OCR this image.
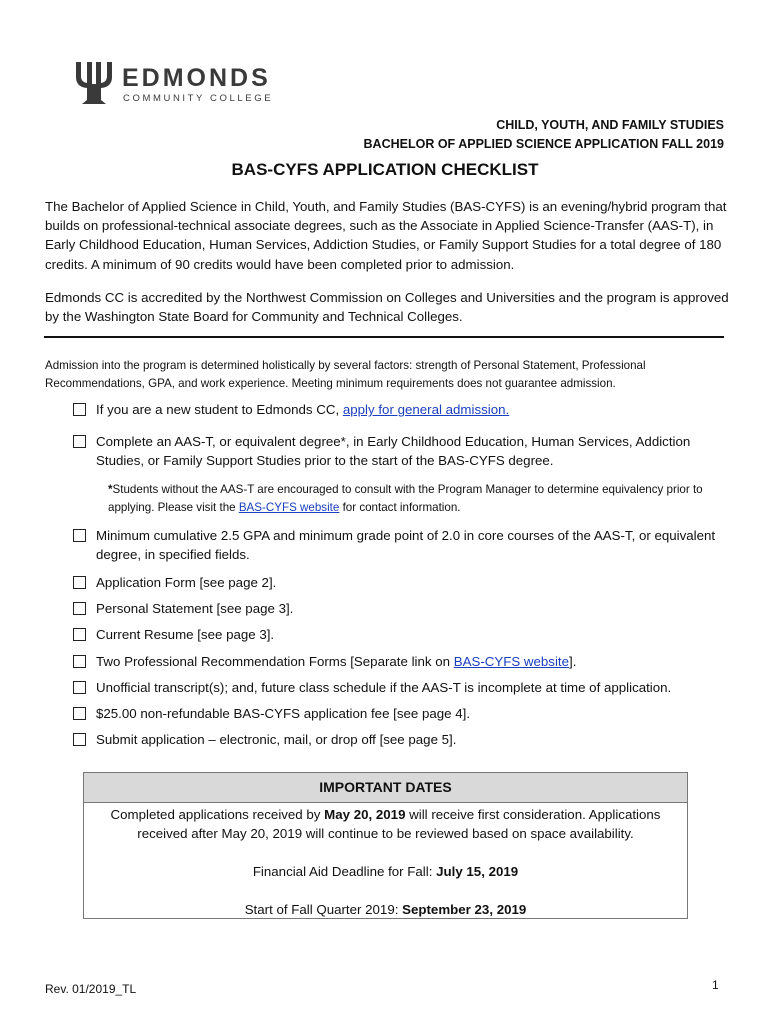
EDMONDS
COMMUNITY COLLEGE
CHILD, YOUTH, AND FAMILY STUDIES
BACHELOR OF APPLIED SCIENCE APPLICATION FALL 2019
BAS-CYFS APPLICATION CHECKLIST
The Bachelor of Applied Science in Child, Youth, and Family Studies (BAS-CYFS) is an evening/hybrid program that builds on professional-technical associate degrees, such as the Associate in Applied Science-Transfer (AAS-T), in Early Childhood Education, Human Services, Addiction Studies, or Family Support Studies for a total degree of 180 credits. A minimum of 90 credits would have been completed prior to admission.
Edmonds CC is accredited by the Northwest Commission on Colleges and Universities and the program is approved by the Washington State Board for Community and Technical Colleges.
Admission into the program is determined holistically by several factors: strength of Personal Statement, Professional Recommendations, GPA, and work experience. Meeting minimum requirements does not guarantee admission.
If you are a new student to Edmonds CC, apply for general admission.
Complete an AAS-T, or equivalent degree*, in Early Childhood Education, Human Services, Addiction Studies, or Family Support Studies prior to the start of the BAS-CYFS degree.
*Students without the AAS-T are encouraged to consult with the Program Manager to determine equivalency prior to applying. Please visit the BAS-CYFS website for contact information.
Minimum cumulative 2.5 GPA and minimum grade point of 2.0 in core courses of the AAS-T, or equivalent degree, in specified fields.
Application Form [see page 2].
Personal Statement [see page 3].
Current Resume [see page 3].
Two Professional Recommendation Forms [Separate link on BAS-CYFS website].
Unofficial transcript(s); and, future class schedule if the AAS-T is incomplete at time of application.
$25.00 non-refundable BAS-CYFS application fee [see page 4].
Submit application – electronic, mail, or drop off [see page 5].
IMPORTANT DATES
Completed applications received by May 20, 2019 will receive first consideration. Applications
received after May 20, 2019 will continue to be reviewed based on space availability.
Financial Aid Deadline for Fall: July 15, 2019
Start of Fall Quarter 2019: September 23, 2019
Rev. 01/2019_TL	1
